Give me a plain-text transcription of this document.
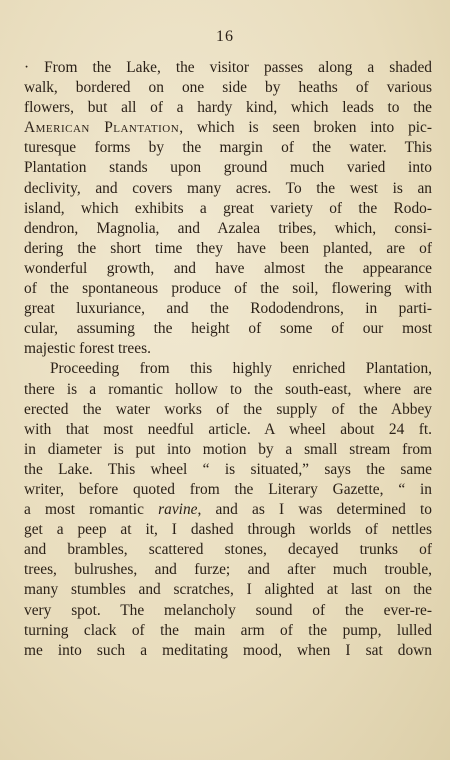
16
· From the Lake, the visitor passes along a shaded
walk, bordered on one side by heaths of various
flowers, but all of a hardy kind, which leads to the
American Plantation, which is seen broken into pic-
turesque forms by the margin of the water. This
Plantation stands upon ground much varied into
declivity, and covers many acres. To the west is an
island, which exhibits a great variety of the Rodo-
dendron, Magnolia, and Azalea tribes, which, consi-
dering the short time they have been planted, are of
wonderful growth, and have almost the appearance
of the spontaneous produce of the soil, flowering with
great luxuriance, and the Rododendrons, in parti-
cular, assuming the height of some of our most
majestic forest trees.
Proceeding from this highly enriched Plantation,
there is a romantic hollow to the south-east, where are
erected the water works of the supply of the Abbey
with that most needful article. A wheel about 24 ft.
in diameter is put into motion by a small stream from
the Lake. This wheel “ is situated,” says the same
writer, before quoted from the Literary Gazette, “ in
a most romantic ravine, and as I was determined to
get a peep at it, I dashed through worlds of nettles
and brambles, scattered stones, decayed trunks of
trees, bulrushes, and furze; and after much trouble,
many stumbles and scratches, I alighted at last on the
very spot. The melancholy sound of the ever-re-
turning clack of the main arm of the pump, lulled
me into such a meditating mood, when I sat down
